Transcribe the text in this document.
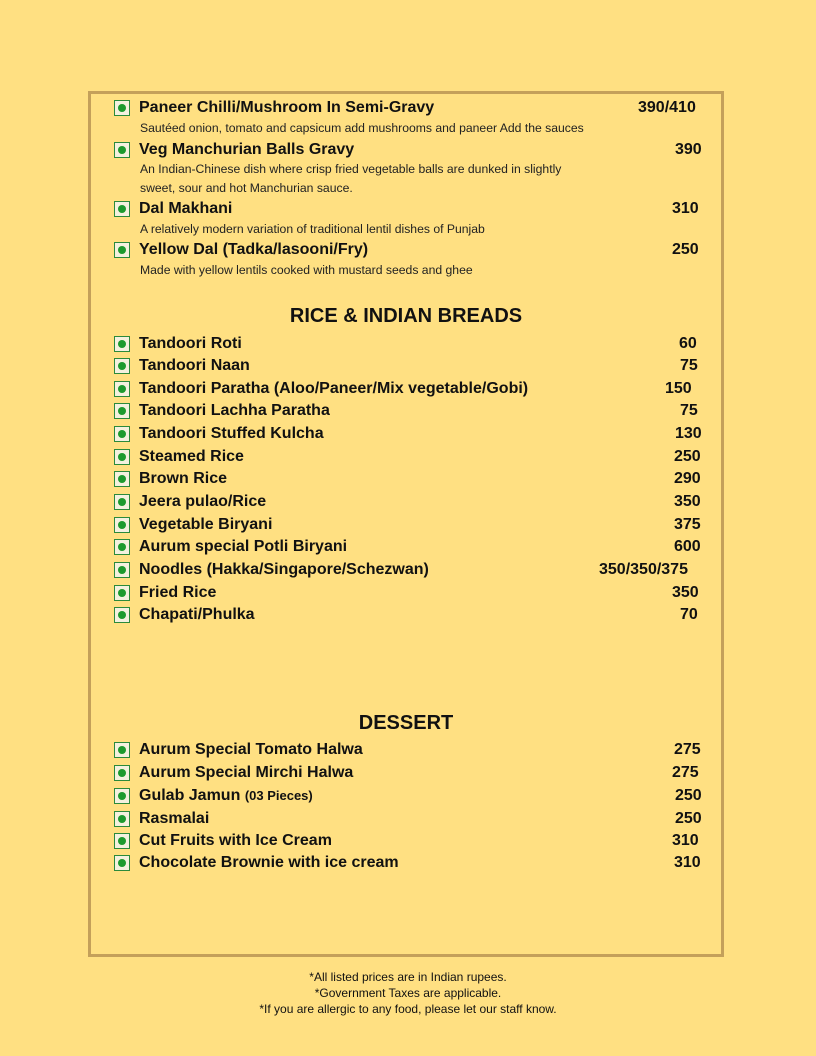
Paneer Chilli/Mushroom In Semi-Gravy	390/410
Sautéed onion, tomato and capsicum add mushrooms and paneer Add the sauces
Veg Manchurian Balls Gravy	390
An Indian-Chinese dish where crisp fried vegetable balls are dunked in slightly
sweet, sour and hot Manchurian sauce.
Dal Makhani	310
A relatively modern variation of traditional lentil dishes of Punjab
Yellow Dal (Tadka/lasooni/Fry)	250
Made with yellow lentils cooked with mustard seeds and ghee
RICE & INDIAN BREADS
Tandoori Roti	60
Tandoori Naan	75
Tandoori Paratha (Aloo/Paneer/Mix vegetable/Gobi)	150
Tandoori Lachha Paratha	75
Tandoori Stuffed Kulcha	130
Steamed Rice	250
Brown Rice	290
Jeera pulao/Rice	350
Vegetable Biryani	375
Aurum special Potli Biryani	600
Noodles (Hakka/Singapore/Schezwan)	350/350/375
Fried Rice	350
Chapati/Phulka	70
DESSERT
Aurum Special Tomato Halwa	275
Aurum Special Mirchi Halwa	275
Gulab Jamun (03 Pieces)	250
Rasmalai	250
Cut Fruits with Ice Cream	310
Chocolate Brownie with ice cream	310
*All listed prices are in Indian rupees.
*Government Taxes are applicable.
*If you are allergic to any food, please let our staff know.
